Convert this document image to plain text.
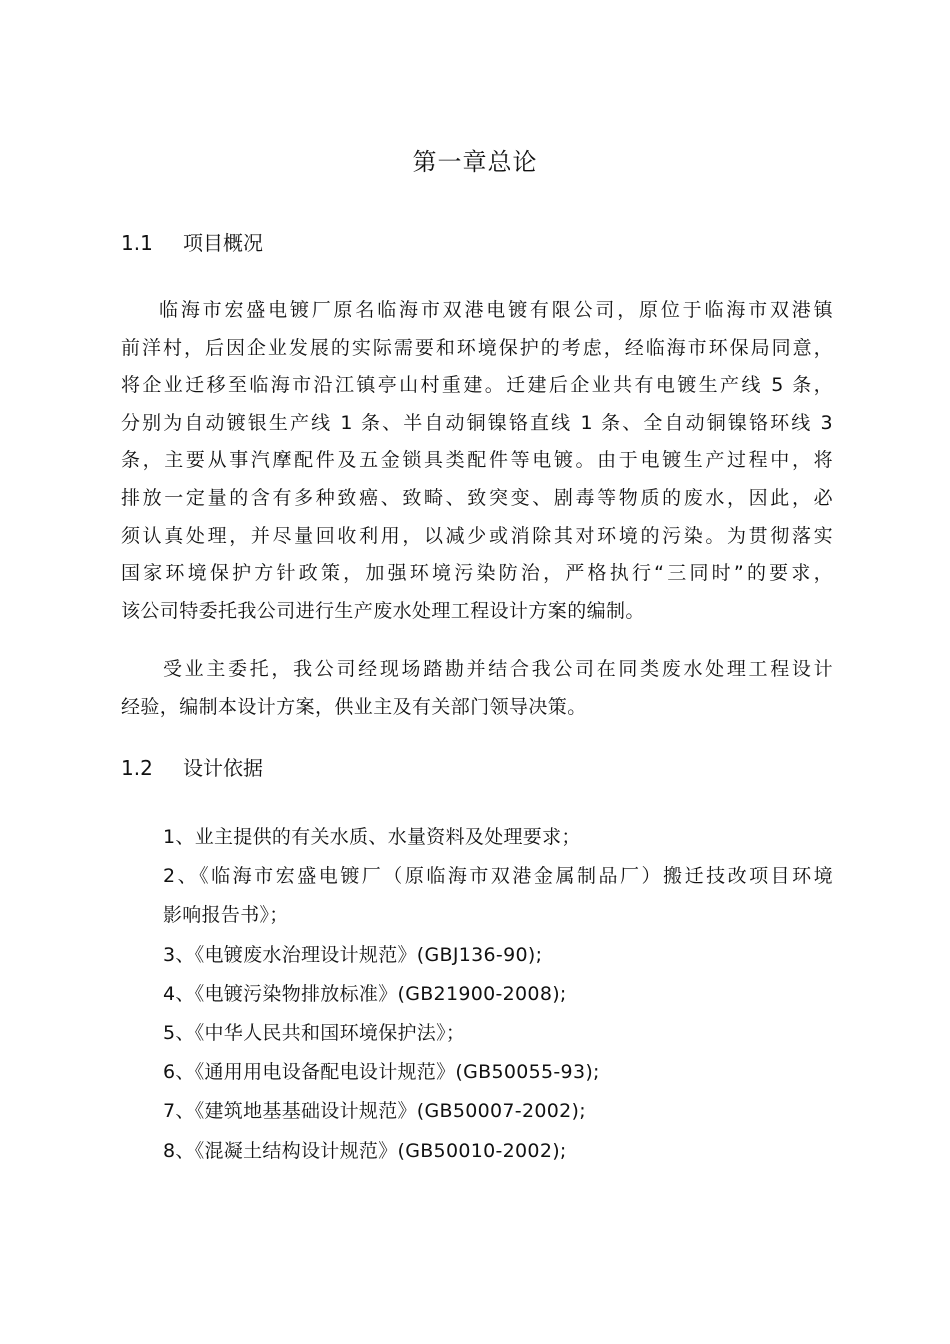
第一章总论
1.1 项目概况
临海市宏盛电镀厂原名临海市双港电镀有限公司，原位于临海市双港镇
前洋村，后因企业发展的实际需要和环境保护的考虑，经临海市环保局同意，
将企业迁移至临海市沿江镇亭山村重建。迁建后企业共有电镀生产线 5 条，
分别为自动镀银生产线 1 条、半自动铜镍铬直线 1 条、全自动铜镍铬环线 3
条，主要从事汽摩配件及五金锁具类配件等电镀。由于电镀生产过程中，将
排放一定量的含有多种致癌、致畸、致突变、剧毒等物质的废水，因此，必
须认真处理，并尽量回收利用，以减少或消除其对环境的污染。为贯彻落实
国家环境保护方针政策，加强环境污染防治，严格执行“三同时”的要求，
该公司特委托我公司进行生产废水处理工程设计方案的编制。
受业主委托，我公司经现场踏勘并结合我公司在同类废水处理工程设计
经验，编制本设计方案，供业主及有关部门领导决策。
1.2 设计依据
1、业主提供的有关水质、水量资料及处理要求；
2、《临海市宏盛电镀厂（原临海市双港金属制品厂）搬迁技改项目环境
影响报告书》；
3、《电镀废水治理设计规范》(GBJ136-90);
4、《电镀污染物排放标准》(GB21900-2008);
5、《中华人民共和国环境保护法》；
6、《通用用电设备配电设计规范》(GB50055-93);
7、《建筑地基基础设计规范》(GB50007-2002);
8、《混凝土结构设计规范》(GB50010-2002);
